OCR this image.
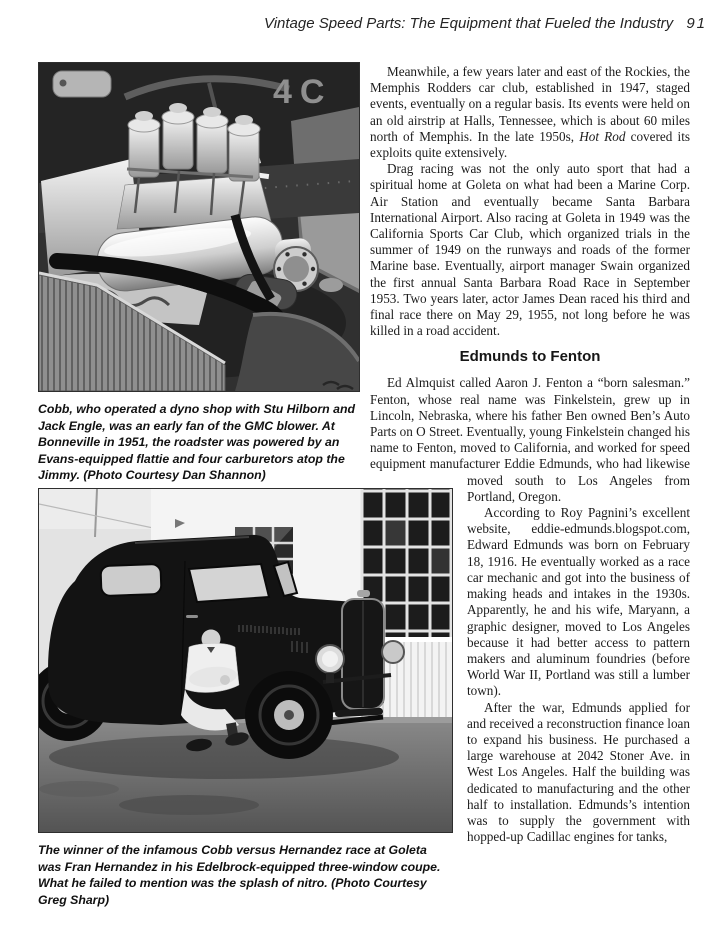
Vintage Speed Parts: The Equipment that Fueled the Industry 91
4C
Cobb, who operated a dyno shop with Stu Hilborn and Jack Engle, was an early fan of the GMC blower. At Bonneville in 1951, the roadster was powered by an Evans-equipped flattie and four carburetors atop the Jimmy. (Photo Courtesy Dan Shannon)
The winner of the infamous Cobb versus Hernandez race at Goleta was Fran Hernandez in his Edelbrock-equipped three-window coupe. What he failed to mention was the splash of nitro. (Photo Courtesy Greg Sharp)

Meanwhile, a few years later and east of the Rockies, the Memphis Rodders car club, established in 1947, staged events, eventually on a regular basis. Its events were held on an old airstrip at Halls, Tennessee, which is about 60 miles north of Memphis. In the late 1950s, Hot Rod covered its exploits quite extensively.

Drag racing was not the only auto sport that had a spiritual home at Goleta on what had been a Marine Corp. Air Station and eventually became Santa Barbara International Airport. Also racing at Goleta in 1949 was the California Sports Car Club, which organized trials in the summer of 1949 on the runways and roads of the former Marine base. Eventually, airport manager Swain organized the first annual Santa Barbara Road Race in September 1953. Two years later, actor James Dean raced his third and final race there on May 29, 1955, not long before he was killed in a road accident.

Edmunds to Fenton

Ed Almquist called Aaron J. Fenton a “born salesman.” Fenton, whose real name was Finkelstein, grew up in Lincoln, Nebraska, where his father Ben owned Ben’s Auto Parts on O Street. Eventually, young Finkelstein changed his name to Fenton, moved to California, and worked for speed equipment manufacturer Eddie Edmunds, who had likewise moved south to Los Angeles from Portland, Oregon.

According to Roy Pagnini’s excellent website, eddie-edmunds.blogspot.com, Edward Edmunds was born on February 18, 1916. He eventually worked as a race car mechanic and got into the business of making heads and intakes in the 1930s. Apparently, he and his wife, Maryann, a graphic designer, moved to Los Angeles because it had better access to pattern makers and aluminum foundries (before World War II, Portland was still a lumber town).

After the war, Edmunds applied for and received a reconstruction finance loan to expand his business. He purchased a large warehouse at 2042 Stoner Ave. in West Los Angeles. Half the building was dedicated to manufacturing and the other half to installation. Edmunds’s intention was to supply the government with hopped-up Cadillac engines for tanks,
